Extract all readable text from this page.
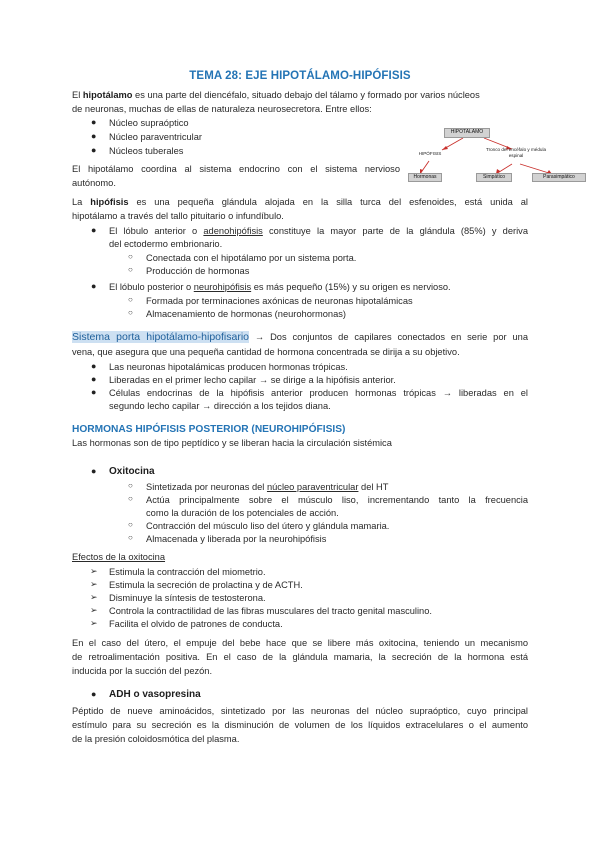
TEMA 28: EJE HIPOTÁLAMO-HIPÓFISIS
El hipotálamo es una parte del diencéfalo, situado debajo del tálamo y formado por varios núcleos
de neuronas, muchas de ellas de naturaleza neurosecretora. Entre ellos:
● Núcleo supraóptico
● Núcleo paraventricular
● Núcleos tuberales
El hipotálamo coordina al sistema endocrino con el sistema nervioso
autónomo.
HIPOTALAMO
HIPÓFISIS
Tronco del encéfalo y médula espinal
Hormonas	Simpático	Parasimpático
La hipófisis es una pequeña glándula alojada en la silla turca del esfenoides, está unida al
hipotálamo a través del tallo pituitario o infundíbulo.
● El lóbulo anterior o adenohipófisis constituye la mayor parte de la glándula (85%) y deriva
del ectodermo embrionario.
○ Conectada con el hipotálamo por un sistema porta.
○ Producción de hormonas
● El lóbulo posterior o neurohipófisis es más pequeño (15%) y su origen es nervioso.
○ Formada por terminaciones axónicas de neuronas hipotalámicas
○ Almacenamiento de hormonas (neurohormonas)
Sistema porta hipotálamo-hipofisario → Dos conjuntos de capilares conectados en serie por una
vena, que asegura que una pequeña cantidad de hormona concentrada se dirija a su objetivo.
● Las neuronas hipotalámicas producen hormonas trópicas.
● Liberadas en el primer lecho capilar → se dirige a la hipófisis anterior.
● Células endocrinas de la hipófisis anterior producen hormonas trópicas → liberadas en el
segundo lecho capilar → dirección a los tejidos diana.
HORMONAS HIPÓFISIS POSTERIOR (NEUROHIPÓFISIS)
Las hormonas son de tipo peptídico y se liberan hacia la circulación sistémica
● Oxitocina
○ Sintetizada por neuronas del núcleo paraventricular del HT
○ Actúa principalmente sobre el músculo liso, incrementando tanto la frecuencia
como la duración de los potenciales de acción.
○ Contracción del músculo liso del útero y glándula mamaria.
○ Almacenada y liberada por la neurohipófisis
Efectos de la oxitocina
➢ Estimula la contracción del miometrio.
➢ Estimula la secreción de prolactina y de ACTH.
➢ Disminuye la síntesis de testosterona.
➢ Controla la contractilidad de las fibras musculares del tracto genital masculino.
➢ Facilita el olvido de patrones de conducta.
En el caso del útero, el empuje del bebe hace que se libere más oxitocina, teniendo un mecanismo
de retroalimentación positiva. En el caso de la glándula mamaria, la secreción de la hormona está
inducida por la succión del pezón.
● ADH o vasopresina
Péptido de nueve aminoácidos, sintetizado por las neuronas del núcleo supraóptico, cuyo principal
estímulo para su secreción es la disminución de volumen de los líquidos extracelulares o el aumento
de la presión coloidosmótica del plasma.
